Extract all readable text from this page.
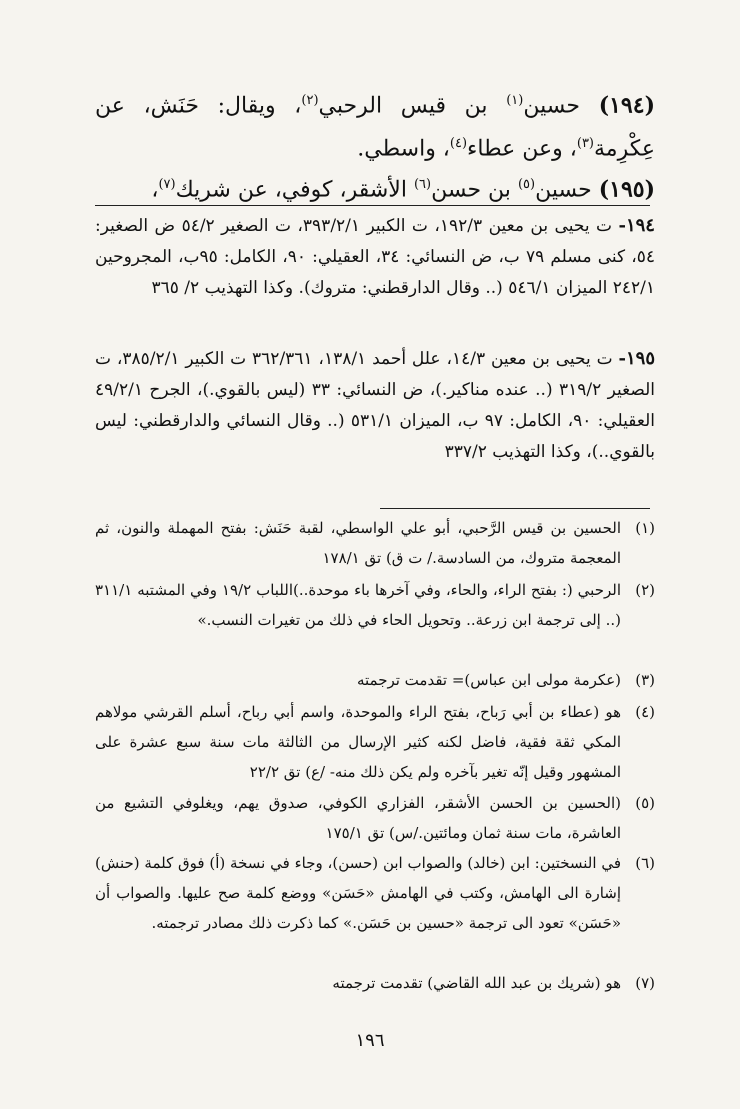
(١٩٤) حسين$^{(١)}$ بن قيس الرحبي$^{(٢)}$، ويقال: حَنَش، عن عِكْرِمة$^{(٣)}$، وعن عطاء$^{(٤)}$، واسطي.
(١٩٥) حسين$^{(٥)}$ بن حسن$^{(٦)}$ الأشقر، كوفي، عن شريك$^{(٧)}$،
١٩٤- ت يحيى بن معين ١٩٢/٣، ت الكبير ٣٩٣/٢/١، ت الصغير ٥٤/٢ ض الصغير: ٥٤، كنى مسلم ٧٩ ب، ض النسائي: ٣٤، العقيلي: ٩٠، الكامل: ٩٥ب، المجروحين ٢٤٢/١ الميزان ٥٤٦/١ (.. وقال الدارقطني: متروك). وكذا التهذيب ٢/ ٣٦٥
١٩٥- ت يحيى بن معين ١٤/٣، علل أحمد ١٣٨/١، ٣٦٢/٣٦١ ت الكبير ٣٨٥/٢/١، ت الصغير ٣١٩/٢ (.. عنده مناكير.)، ض النسائي: ٣٣ (ليس بالقوي.)، الجرح ٤٩/٢/١ العقيلي: ٩٠، الكامل: ٩٧ ب، الميزان ٥٣١/١ (.. وقال النسائي والدارقطني: ليس بالقوي..)، وكذا التهذيب ٣٣٧/٢
(١)
الحسين بن قيس الرَّحبي، أبو علي الواسطي، لقبة حَنَش: بفتح المهملة والنون، ثم المعجمة متروك، من السادسة./ ت ق) تق ١٧٨/١
(٢)
الرحبي (: بفتح الراء، والحاء، وفي آخرها باء موحدة..)اللباب ١٩/٢ وفي المشتبه ٣١١/١ (.. إلى ترجمة ابن زرعة.. وتحويل الحاء في ذلك من تغيرات النسب.»
(٣)
(عكرمة مولى ابن عباس)= تقدمت ترجمته
(٤)
هو (عطاء بن أبي رَباح، بفتح الراء والموحدة، واسم أبي رباح، أسلم القرشي مولاهم المكي ثقة فقية، فاضل لكنه كثير الإرسال من الثالثة مات سنة سبع عشرة على المشهور وقيل إنّه تغير بآخره ولم يكن ذلك منه- /ع) تق ٢٢/٢
(٥)
(الحسين بن الحسن الأشقر، الفزاري الكوفي، صدوق يهم، ويغلوفي التشيع من العاشرة، مات سنة ثمان ومائتين./س) تق ١٧٥/١
(٦)
في النسختين: ابن (خالد) والصواب ابن (حسن)، وجاء في نسخة (أ) فوق كلمة (حنش) إشارة الى الهامش، وكتب في الهامش «حَسَن» ووضع كلمة صح عليها. والصواب أن «حَسَن» تعود الى ترجمة «حسين بن حَسَن.» كما ذكرت ذلك مصادر ترجمته.
(٧)
هو (شريك بن عبد الله القاضي) تقدمت ترجمته
١٩٦
